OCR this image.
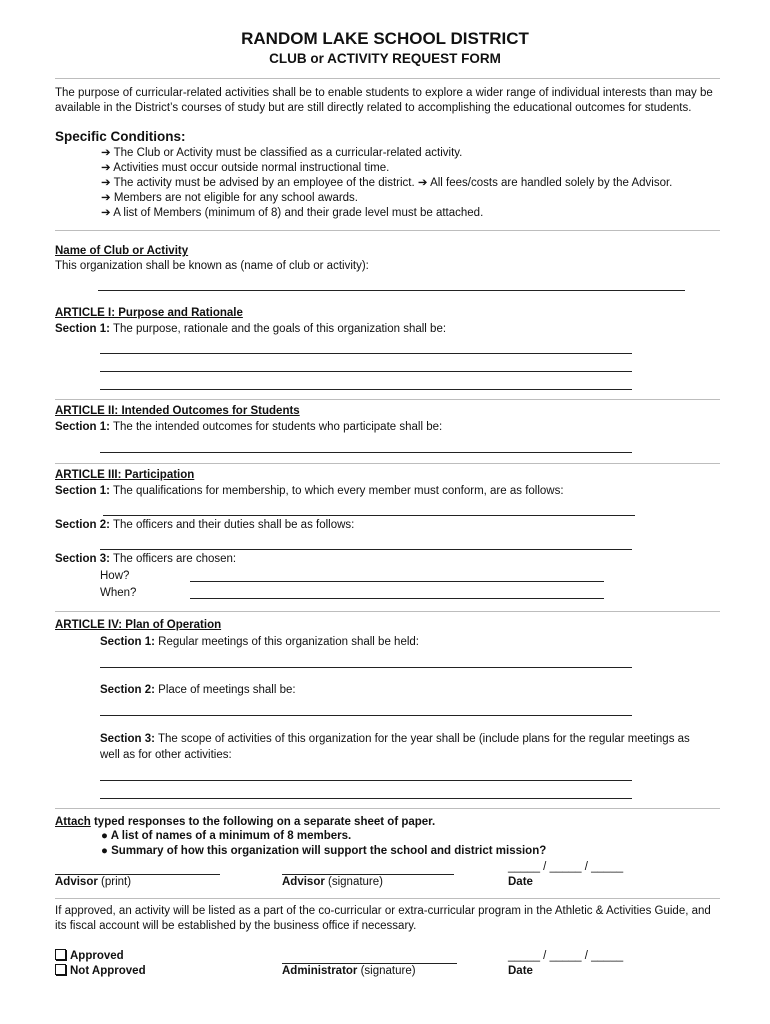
RANDOM LAKE SCHOOL DISTRICT
CLUB or ACTIVITY REQUEST FORM
The purpose of curricular-related activities shall be to enable students to explore a wider range of individual interests than may be available in the District’s courses of study but are still directly related to accomplishing the educational outcomes for students.
Specific Conditions:
➔ The Club or Activity must be classified as a curricular-related activity.
➔ Activities must occur outside normal instructional time.
➔ The activity must be advised by an employee of the district. ➔ All fees/costs are handled solely by the Advisor.
➔ Members are not eligible for any school awards.
➔ A list of Members (minimum of 8) and their grade level must be attached.
Name of Club or Activity
This organization shall be known as (name of club or activity):
ARTICLE I: Purpose and Rationale
Section 1: The purpose, rationale and the goals of this organization shall be:
ARTICLE II: Intended Outcomes for Students
Section 1: The the intended outcomes for students who participate shall be:
ARTICLE III: Participation
Section 1: The qualifications for membership, to which every member must conform, are as follows:
Section 2: The officers and their duties shall be as follows:
Section 3: The officers are chosen:
How?
When?
ARTICLE IV: Plan of Operation
Section 1: Regular meetings of this organization shall be held:
Section 2: Place of meetings shall be:
Section 3: The scope of activities of this organization for the year shall be (include plans for the regular meetings as well as for other activities:
Attach typed responses to the following on a separate sheet of paper.
● A list of names of a minimum of 8 members.
● Summary of how this organization will support the school and district mission?
_____ / _____ / _____
Advisor (print)	Advisor (signature)	Date
If approved, an activity will be listed as a part of the co-curricular or extra-curricular program in the Athletic & Activities Guide, and its fiscal account will be established by the business office if necessary.
Approved
Not Approved
_____ / _____ / _____
Administrator (signature)	Date
